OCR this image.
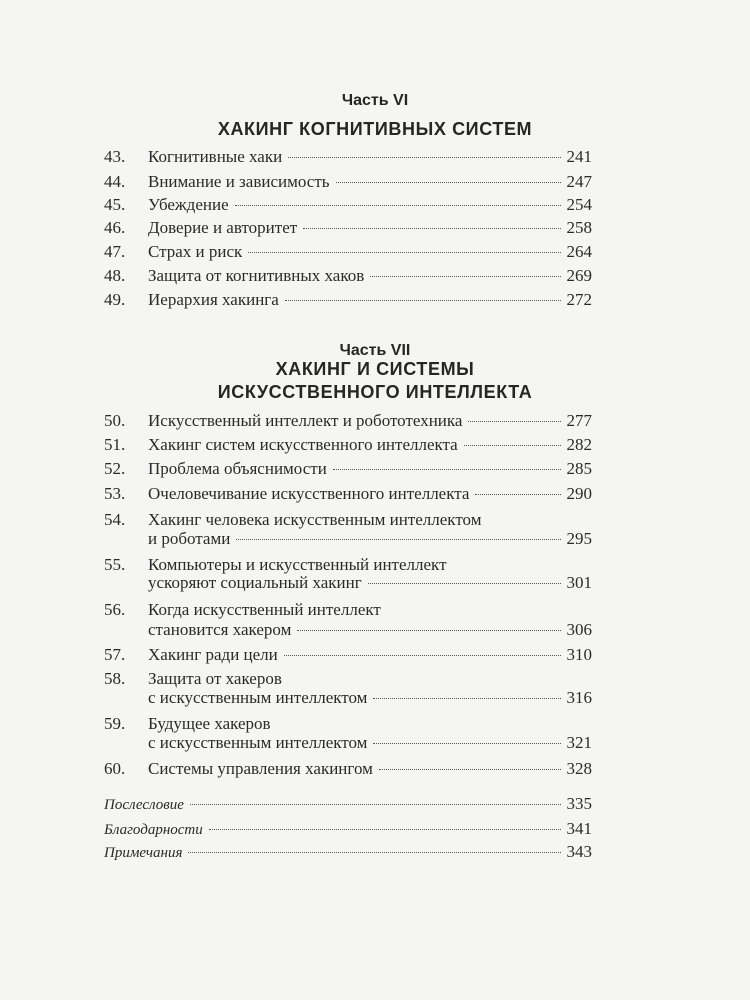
Часть VI
ХАКИНГ КОГНИТИВНЫХ СИСТЕМ
43.	Когнитивные хаки	241
44.	Внимание и зависимость	247
45.	Убеждение	254
46.	Доверие и авторитет	258
47.	Страх и риск	264
48.	Защита от когнитивных хаков	269
49.	Иерархия хакинга	272
Часть VII
ХАКИНГ И СИСТЕМЫ
ИСКУССТВЕННОГО ИНТЕЛЛЕКТА
50.	Искусственный интеллект и робототехника	277
51.	Хакинг систем искусственного интеллекта	282
52.	Проблема объяснимости	285
53.	Очеловечивание искусственного интеллекта	290
54.	Хакинг человека искусственным интеллектом
и роботами	295
55.	Компьютеры и искусственный интеллект
ускоряют социальный хакинг	301
56.	Когда искусственный интеллект
становится хакером	306
57.	Хакинг ради цели	310
58.	Защита от хакеров
с искусственным интеллектом	316
59.	Будущее хакеров
с искусственным интеллектом	321
60.	Системы управления хакингом	328
Послесловие	335
Благодарности	341
Примечания	343
